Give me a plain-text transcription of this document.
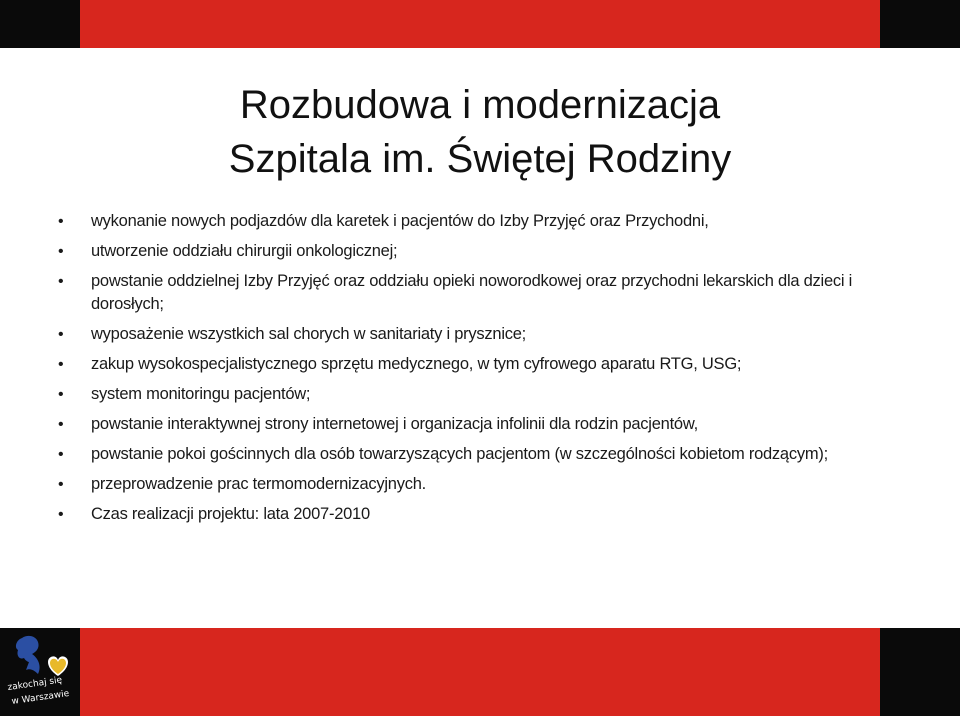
Rozbudowa i modernizacja
Szpitala im. Świętej Rodziny
• wykonanie nowych podjazdów dla karetek i pacjentów do Izby Przyjęć oraz Przychodni,
• utworzenie oddziału chirurgii onkologicznej;
• powstanie oddzielnej Izby Przyjęć oraz oddziału opieki noworodkowej oraz przychodni lekarskich dla dzieci i dorosłych;
• wyposażenie wszystkich sal chorych w sanitariaty i prysznice;
• zakup wysokospecjalistycznego sprzętu medycznego, w tym cyfrowego aparatu RTG, USG;
• system monitoringu pacjentów;
• powstanie interaktywnej strony internetowej i organizacja infolinii dla rodzin pacjentów,
• powstanie pokoi gościnnych dla osób towarzyszących pacjentom (w szczególności kobietom rodzącym);
• przeprowadzenie prac termomodernizacyjnych.
• Czas realizacji projektu: lata 2007-2010
zakochaj się
w Warszawie
